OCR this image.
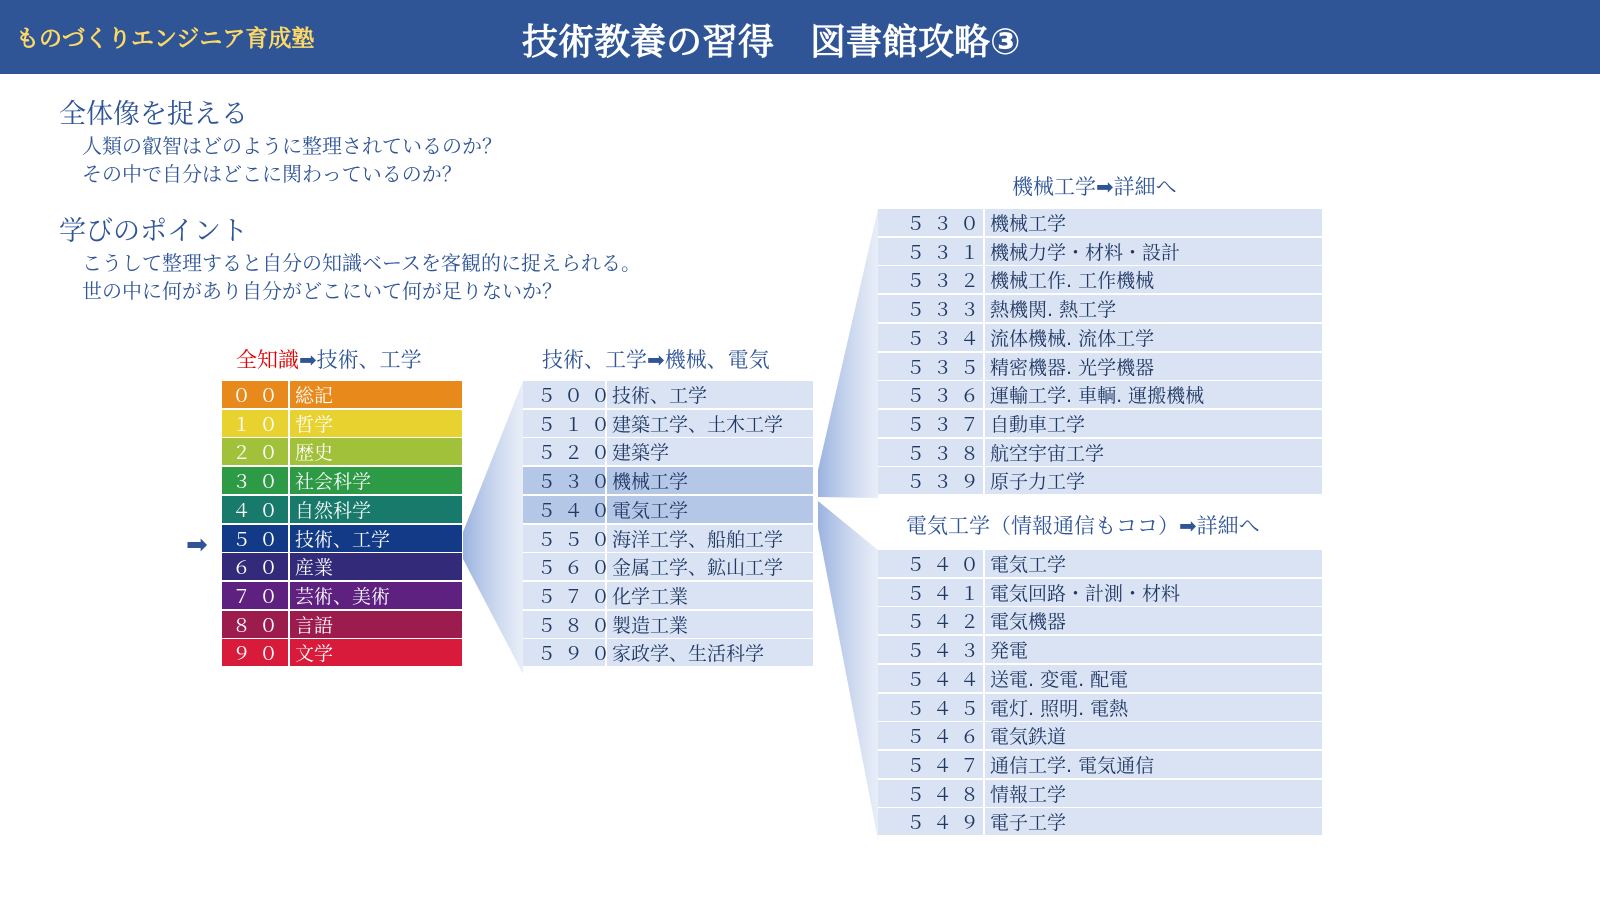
ものづくりエンジニア育成塾	技術教養の習得　図書館攻略③
全体像を捉える
人類の叡智はどのように整理されているのか？
その中で自分はどこに関わっているのか？
学びのポイント
こうして整理すると自分の知識ベースを客観的に捉えられる。
世の中に何があり自分がどこにいて何が足りないか？
全知識➡技術、工学
➡
００ 総記
１０ 哲学
２０ 歴史
３０ 社会科学
４０ 自然科学
５０ 技術、工学
６０ 産業
７０ 芸術、美術
８０ 言語
９０ 文学
技術、工学➡機械、電気
５００
技術、工学
５１０
建築工学、土木工学
５２０
建築学
５３０
機械工学
５４０
電気工学
５５０
海洋工学、船舶工学
５６０
金属工学、鉱山工学
５７０
化学工業
５８０
製造工業
５９０
家政学、生活科学
機械工学➡詳細へ
５３０ 機械工学
５３１ 機械力学・材料・設計
５３２ 機械工作. 工作機械
５３３ 熱機関. 熱工学
５３４ 流体機械. 流体工学
５３５ 精密機器. 光学機器
５３６ 運輸工学. 車輌. 運搬機械
５３７ 自動車工学
５３８ 航空宇宙工学
５３９ 原子力工学
電気工学（情報通信もココ）➡詳細へ
５４０ 電気工学
５４１ 電気回路・計測・材料
５４２ 電気機器
５４３ 発電
５４４ 送電. 変電. 配電
５４５ 電灯. 照明. 電熱
５４６ 電気鉄道
５４７ 通信工学. 電気通信
５４８ 情報工学
５４９ 電子工学
